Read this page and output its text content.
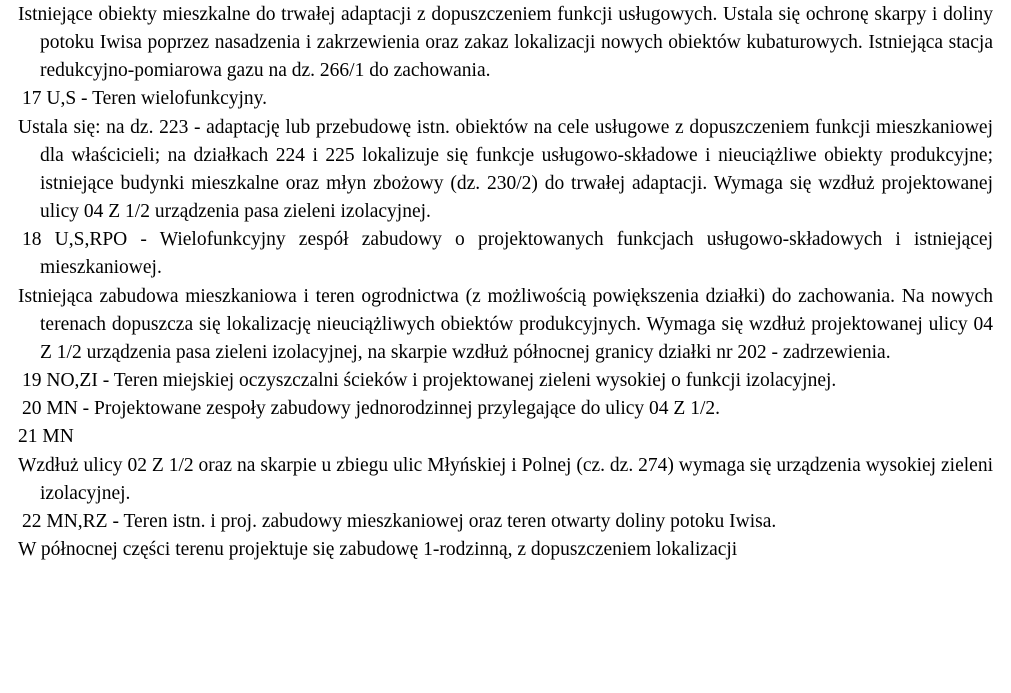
Istniejące obiekty mieszkalne do trwałej adaptacji z dopuszczeniem funkcji usługowych. Ustala się ochronę skarpy i doliny potoku Iwisa poprzez nasadzenia i zakrzewienia oraz zakaz lokalizacji nowych obiektów kubaturowych. Istniejąca stacja redukcyjno-pomiarowa gazu na dz. 266/1 do zachowania.

17 U,S - Teren wielofunkcyjny.

Ustala się: na dz. 223 - adaptację lub przebudowę istn. obiektów na cele usługowe z dopuszczeniem funkcji mieszkaniowej dla właścicieli; na działkach 224 i 225 lokalizuje się funkcje usługowo-składowe i nieuciążliwe obiekty produkcyjne; istniejące budynki mieszkalne oraz młyn zbożowy (dz. 230/2) do trwałej adaptacji. Wymaga się wzdłuż projektowanej ulicy 04 Z 1/2 urządzenia pasa zieleni izolacyjnej.

18 U,S,RPO - Wielofunkcyjny zespół zabudowy o projektowanych funkcjach usługowo-składowych i istniejącej mieszkaniowej.

Istniejąca zabudowa mieszkaniowa i teren ogrodnictwa (z możliwością powiększenia działki) do zachowania. Na nowych terenach dopuszcza się lokalizację nieuciążliwych obiektów produkcyjnych. Wymaga się wzdłuż projektowanej ulicy 04 Z 1/2 urządzenia pasa zieleni izolacyjnej, na skarpie wzdłuż północnej granicy działki nr 202 - zadrzewienia.

19 NO,ZI - Teren miejskiej oczyszczalni ścieków i projektowanej zieleni wysokiej o funkcji izolacyjnej.

20 MN - Projektowane zespoły zabudowy jednorodzinnej przylegające do ulicy 04 Z 1/2.

21 MN

Wzdłuż ulicy 02 Z 1/2 oraz na skarpie u zbiegu ulic Młyńskiej i Polnej (cz. dz. 274) wymaga się urządzenia wysokiej zieleni izolacyjnej.

22 MN,RZ - Teren istn. i proj. zabudowy mieszkaniowej oraz teren otwarty doliny potoku Iwisa.

W północnej części terenu projektuje się zabudowę 1-rodzinną, z dopuszczeniem lokalizacji
